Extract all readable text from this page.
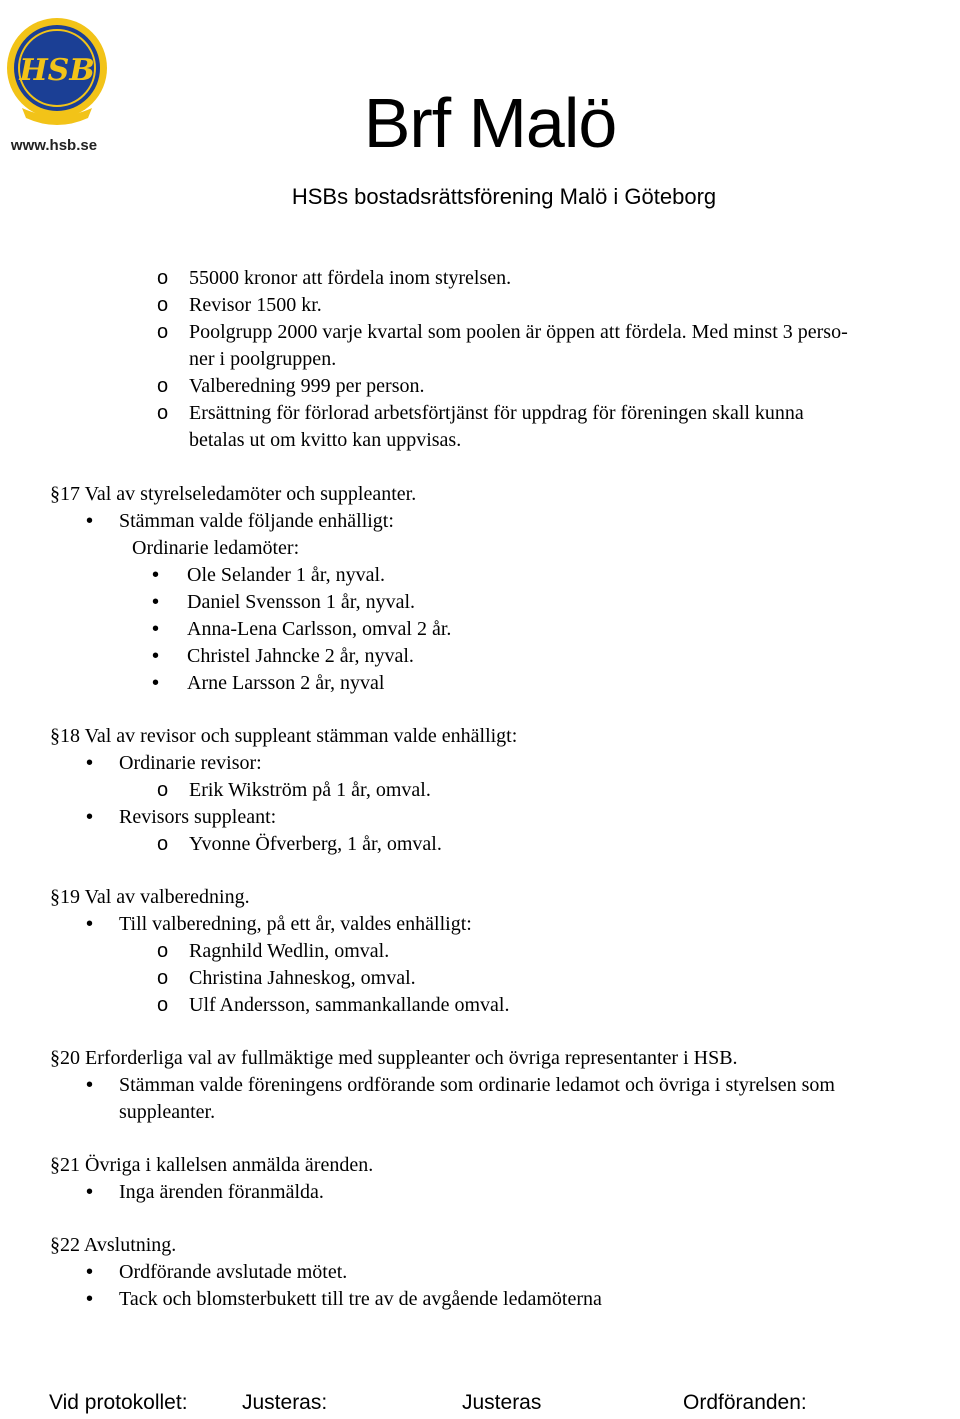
HSB
www.hsb.se	Brf Malö
HSBs bostadsrättsförening Malö i Göteborg
o 55000 kronor att fördela inom styrelsen.
o Revisor 1500 kr.
o Poolgrupp 2000 varje kvartal som poolen är öppen att fördela. Med minst 3 perso-
ner i poolgruppen.
o Valberedning 999 per person.
o Ersättning för förlorad arbetsförtjänst för uppdrag för föreningen skall kunna
betalas ut om kvitto kan uppvisas.
§17 Val av styrelseledamöter och suppleanter.
• Stämman valde följande enhälligt:
Ordinarie ledamöter:
• Ole Selander 1 år, nyval.
• Daniel Svensson 1 år, nyval.
• Anna-Lena Carlsson, omval 2 år.
• Christel Jahncke 2 år, nyval.
• Arne Larsson 2 år, nyval
§18 Val av revisor och suppleant stämman valde enhälligt:
• Ordinarie revisor:
o Erik Wikström på 1 år, omval.
• Revisors suppleant:
o Yvonne Öfverberg, 1 år, omval.
§19 Val av valberedning.
• Till valberedning, på ett år, valdes enhälligt:
o Ragnhild Wedlin, omval.
o Christina Jahneskog, omval.
o Ulf Andersson, sammankallande omval.
§20 Erforderliga val av fullmäktige med suppleanter och övriga representanter i HSB.
• Stämman valde föreningens ordförande som ordinarie ledamot och övriga i styrelsen som
suppleanter.
§21 Övriga i kallelsen anmälda ärenden.
• Inga ärenden föranmälda.
§22 Avslutning.
• Ordförande avslutade mötet.
• Tack och blomsterbukett till tre av de avgående ledamöterna
Vid protokollet:	Justeras:	Justeras	Ordföranden:
